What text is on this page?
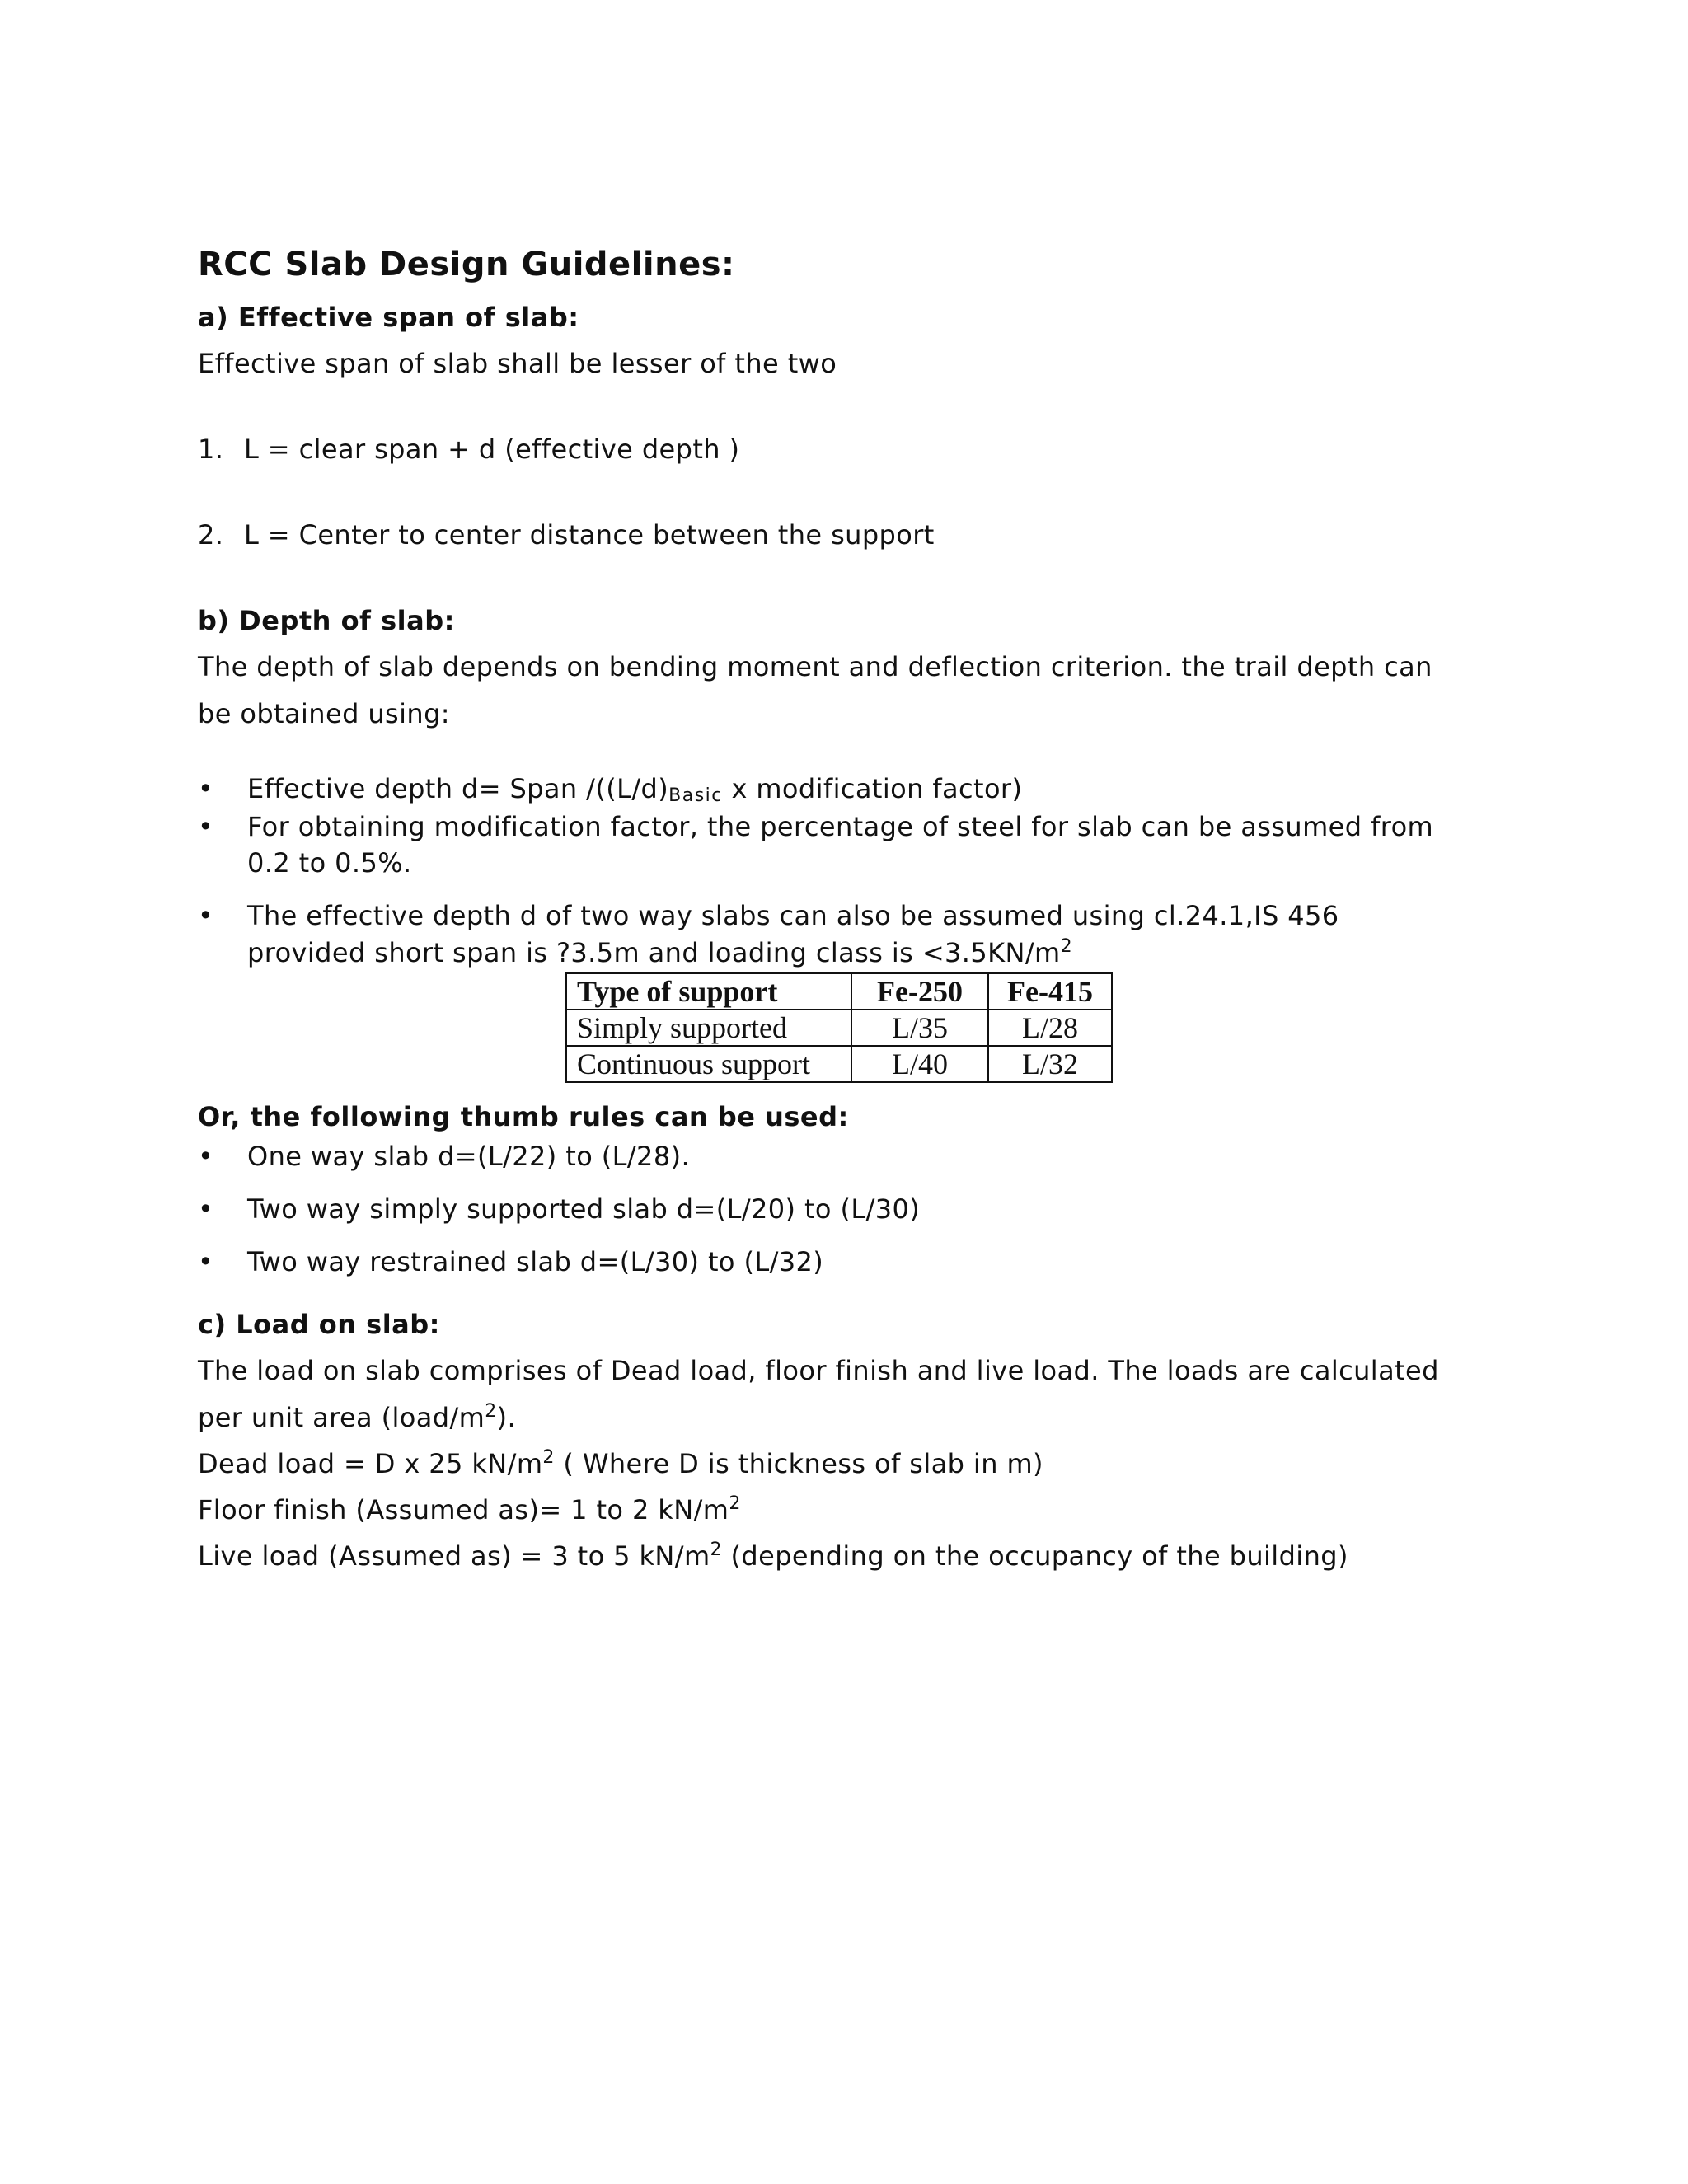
RCC Slab Design Guidelines:
a) Effective span of slab:
Effective span of slab shall be lesser of the two
1. L = clear span + d (effective depth )
2. L = Center to center distance between the support
b) Depth of slab:
The depth of slab depends on bending moment and deflection criterion. the trail depth can
be obtained using:
• Effective depth d= Span /((L/d)Basic x modification factor)
• For obtaining modification factor, the percentage of steel for slab can be assumed from
0.2 to 0.5%.
• The effective depth d of two way slabs can also be assumed using cl.24.1,IS 456
provided short span is ?3.5m and loading class is $<3.5KN/m^2$
Type of support	Fe-250	Fe-415
Simply supported	L/35	L/28
Continuous support	L/40	L/32
Or, the following thumb rules can be used:
• One way slab d=(L/22) to (L/28).
• Two way simply supported slab d=(L/20) to (L/30)
• Two way restrained slab d=(L/30) to (L/32)
c) Load on slab:
The load on slab comprises of Dead load, floor finish and live load. The loads are calculated
per unit area $(load/m^2)$.
Dead load = D x 25 $kN/m^2$ ( Where D is thickness of slab in m)
Floor finish (Assumed as)= 1 to 2 $kN/m^2$
Live load (Assumed as) = 3 to 5 $kN/m^2$ (depending on the occupancy of the building)
